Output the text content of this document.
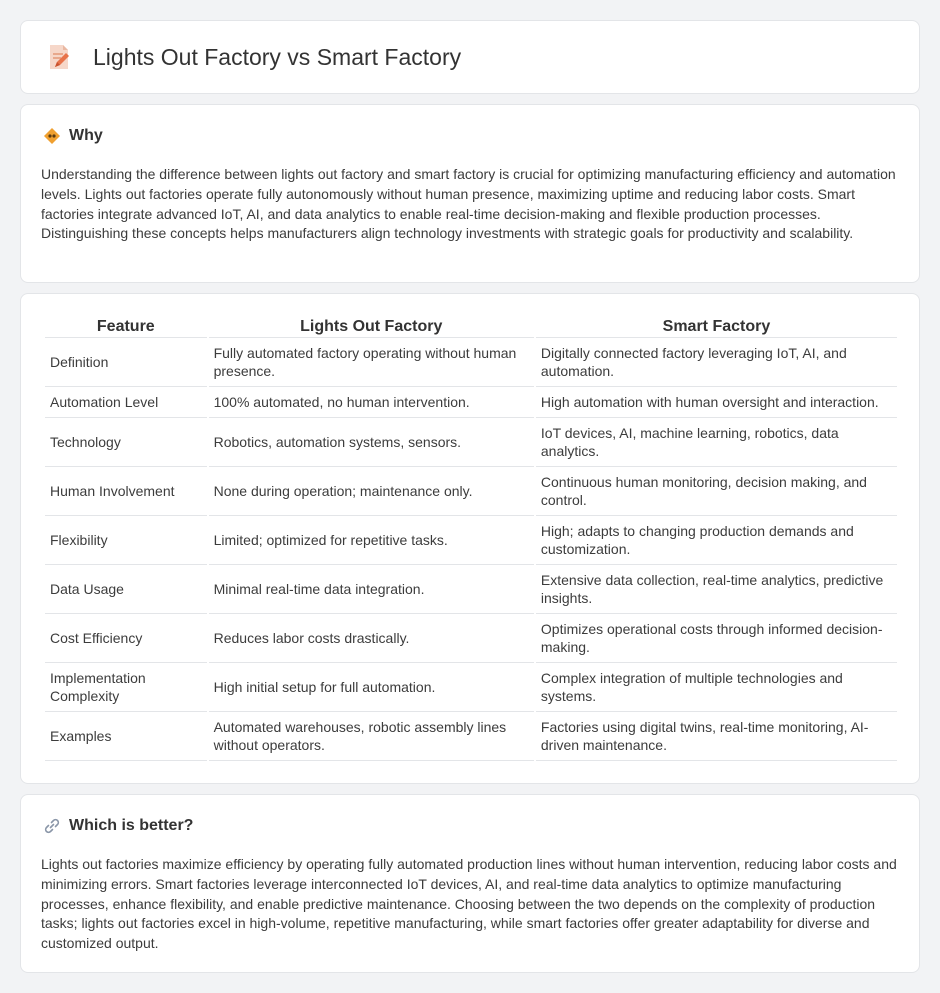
Lights Out Factory vs Smart Factory
Why

Understanding the difference between lights out factory and smart factory is crucial for optimizing manufacturing efficiency and automation levels. Lights out factories operate fully autonomously without human presence, maximizing uptime and reducing labor costs. Smart factories integrate advanced IoT, AI, and data analytics to enable real-time decision-making and flexible production processes. Distinguishing these concepts helps manufacturers align technology investments with strategic goals for productivity and scalability.

Feature	Lights Out Factory	Smart Factory
Definition	Fully automated factory operating without human presence.	Digitally connected factory leveraging IoT, AI, and automation.
Automation Level	100% automated, no human intervention.	High automation with human oversight and interaction.
Technology	Robotics, automation systems, sensors.	IoT devices, AI, machine learning, robotics, data analytics.
Human Involvement	None during operation; maintenance only.	Continuous human monitoring, decision making, and control.
Flexibility	Limited; optimized for repetitive tasks.	High; adapts to changing production demands and customization.
Data Usage	Minimal real-time data integration.	Extensive data collection, real-time analytics, predictive insights.
Cost Efficiency	Reduces labor costs drastically.	Optimizes operational costs through informed decision-making.
Implementation Complexity	High initial setup for full automation.	Complex integration of multiple technologies and systems.
Examples	Automated warehouses, robotic assembly lines without operators.	Factories using digital twins, real-time monitoring, AI-driven maintenance.
Which is better?

Lights out factories maximize efficiency by operating fully automated production lines without human intervention, reducing labor costs and minimizing errors. Smart factories leverage interconnected IoT devices, AI, and real-time data analytics to optimize manufacturing processes, enhance flexibility, and enable predictive maintenance. Choosing between the two depends on the complexity of production tasks; lights out factories excel in high-volume, repetitive manufacturing, while smart factories offer greater adaptability for diverse and customized output.
